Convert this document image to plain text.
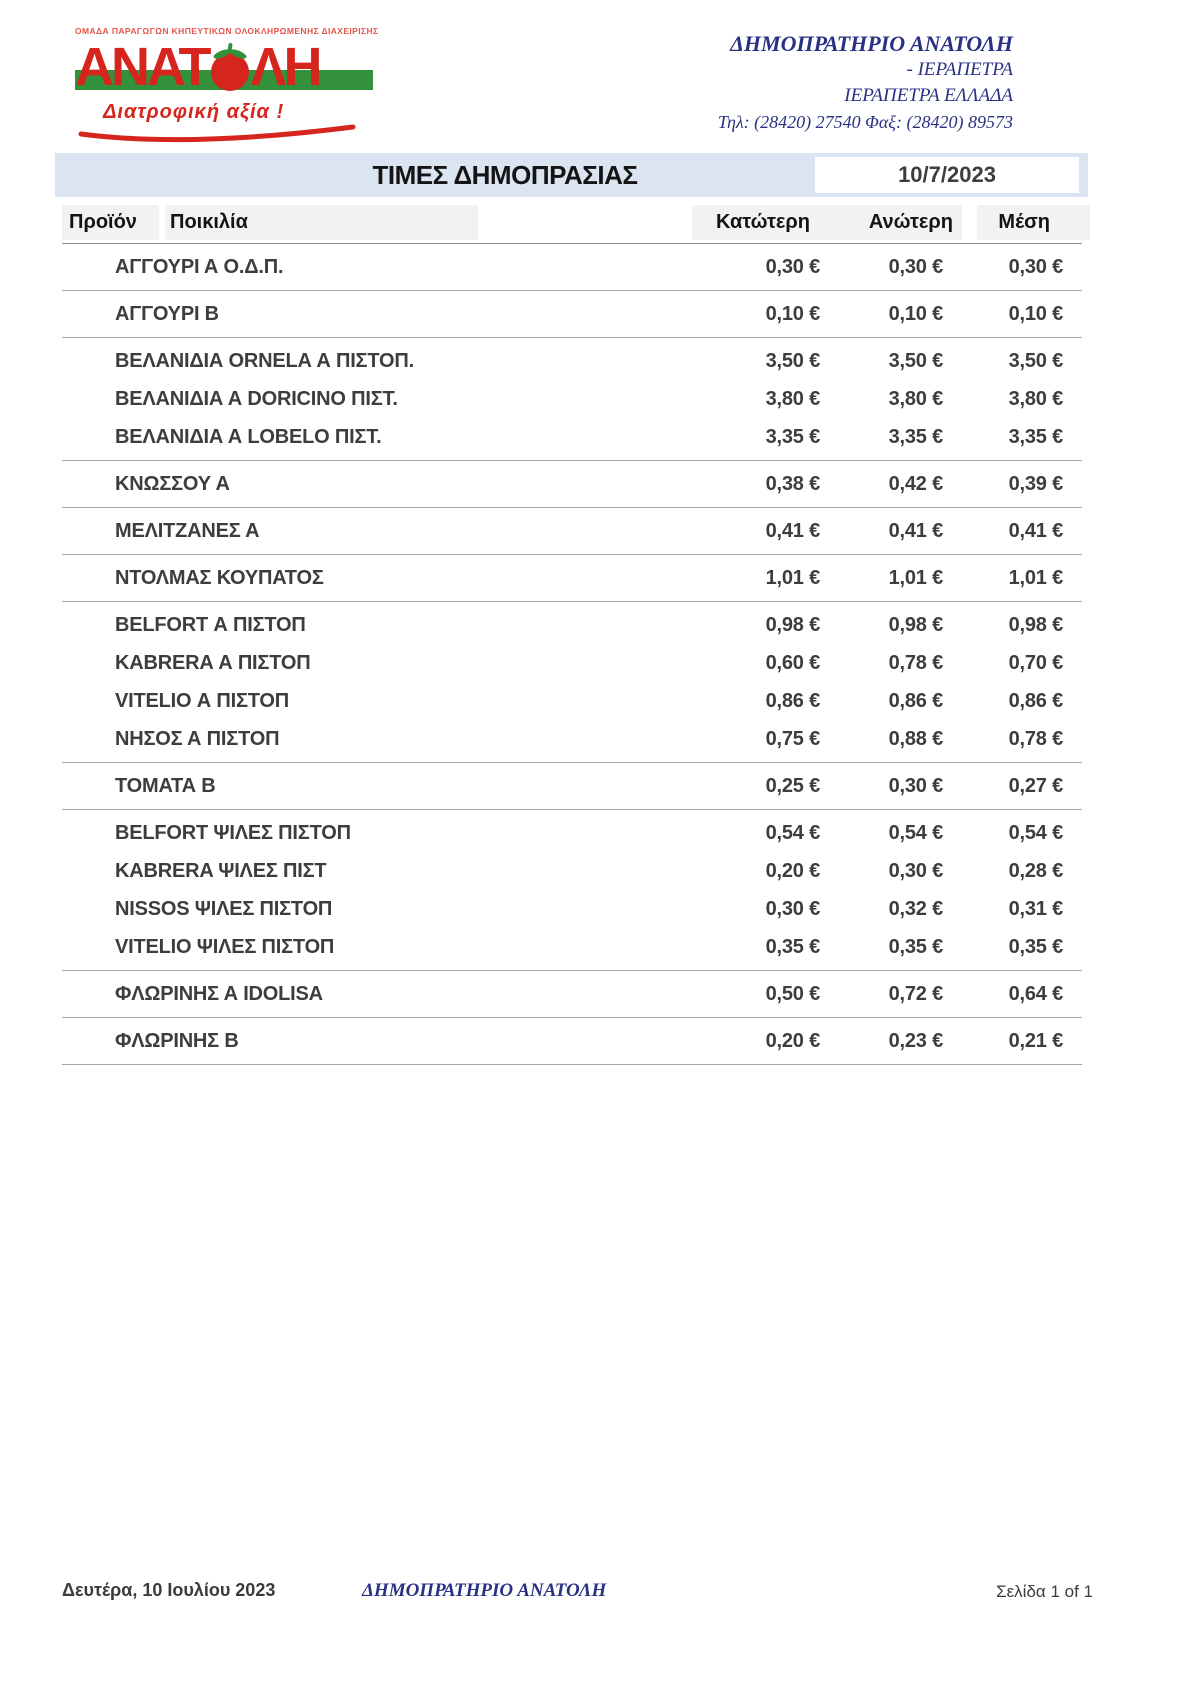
ΟΜΑΔΑ ΠΑΡΑΓΩΓΩΝ ΚΗΠΕΥΤΙΚΩΝ ΟΛΟΚΛΗΡΩΜΕΝΗΣ ΔΙΑΧΕΙΡΙΣΗΣ
ΑΝΑΤ ΛΗ
Διατροφική αξία !
ΔΗΜΟΠΡΑΤΗΡΙΟ ΑΝΑΤΟΛΗ
- ΙΕΡΑΠΕΤΡΑ
ΙΕΡΑΠΕΤΡΑ ΕΛΛΑΔΑ
Τηλ: (28420) 27540 Φαξ: (28420) 89573
ΤΙΜΕΣ ΔΗΜΟΠΡΑΣΙΑΣ	10/7/2023
Προϊόν Ποικιλία	Κατώτερη	Ανώτερη	Μέση
ΑΓΓΟΥΡΙ Α Ο.Δ.Π.	0,30 €	0,30 €	0,30 €
ΑΓΓΟΥΡΙ Β	0,10 €	0,10 €	0,10 €
ΒΕΛΑΝΙΔΙΑ ORNELA Α ΠΙΣΤΟΠ.	3,50 €	3,50 €	3,50 €
ΒΕΛΑΝΙΔΙΑ Α DORICINO ΠΙΣΤ.	3,80 €	3,80 €	3,80 €
ΒΕΛΑΝΙΔΙΑ Α LOBELO ΠΙΣΤ.	3,35 €	3,35 €	3,35 €
ΚΝΩΣΣΟΥ Α	0,38 €	0,42 €	0,39 €
ΜΕΛΙΤΖΑΝΕΣ Α	0,41 €	0,41 €	0,41 €
ΝΤΟΛΜΑΣ ΚΟΥΠΑΤΟΣ	1,01 €	1,01 €	1,01 €
BELFORT Α ΠΙΣΤΟΠ	0,98 €	0,98 €	0,98 €
KABRERA Α ΠΙΣΤΟΠ	0,60 €	0,78 €	0,70 €
VITELIO Α ΠΙΣΤΟΠ	0,86 €	0,86 €	0,86 €
ΝΗΣΟΣ Α ΠΙΣΤΟΠ	0,75 €	0,88 €	0,78 €
ΤΟΜΑΤΑ Β	0,25 €	0,30 €	0,27 €
BELFORT ΨΙΛΕΣ ΠΙΣΤΟΠ	0,54 €	0,54 €	0,54 €
KABRERA ΨΙΛΕΣ ΠΙΣΤ	0,20 €	0,30 €	0,28 €
NISSOS ΨΙΛΕΣ ΠΙΣΤΟΠ	0,30 €	0,32 €	0,31 €
VITELIO ΨΙΛΕΣ ΠΙΣΤΟΠ	0,35 €	0,35 €	0,35 €
ΦΛΩΡΙΝΗΣ Α IDOLISA	0,50 €	0,72 €	0,64 €
ΦΛΩΡΙΝΗΣ Β	0,20 €	0,23 €	0,21 €
Δευτέρα, 10 Ιουλίου 2023	ΔΗΜΟΠΡΑΤΗΡΙΟ ΑΝΑΤΟΛΗ	Σελίδα 1 of 1
